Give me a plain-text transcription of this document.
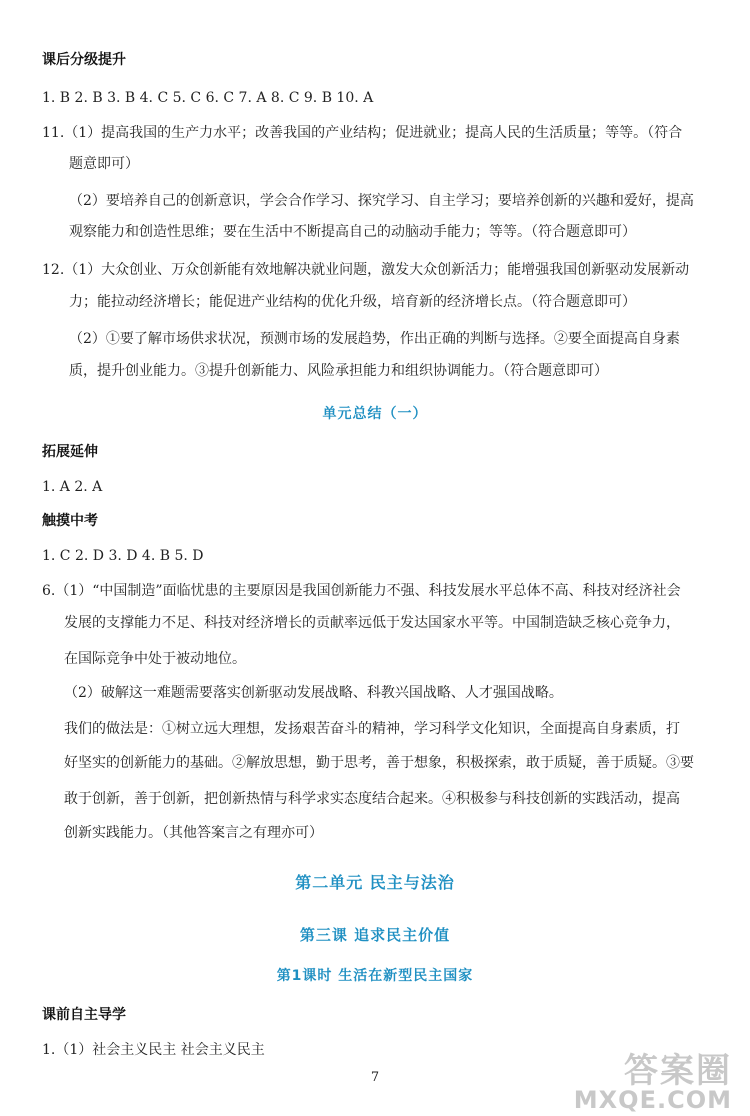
课后分级提升
1. B 2. B 3. B 4. C 5. C 6. C 7. A 8. C 9. B 10. A
11.（1）提高我国的生产力水平；改善我国的产业结构；促进就业；提高人民的生活质量；等等。（符合
题意即可）
（2）要培养自己的创新意识，学会合作学习、探究学习、自主学习；要培养创新的兴趣和爱好，提高
观察能力和创造性思维；要在生活中不断提高自己的动脑动手能力；等等。（符合题意即可）
12.（1）大众创业、万众创新能有效地解决就业问题，激发大众创新活力；能增强我国创新驱动发展新动
力；能拉动经济增长；能促进产业结构的优化升级，培育新的经济增长点。（符合题意即可）
（2）①要了解市场供求状况，预测市场的发展趋势，作出正确的判断与选择。②要全面提高自身素
质，提升创业能力。③提升创新能力、风险承担能力和组织协调能力。（符合题意即可）
单元总结（一）
拓展延伸
1. A 2. A
触摸中考
1. C 2. D 3. D 4. B 5. D
6.（1）“中国制造”面临忧患的主要原因是我国创新能力不强、科技发展水平总体不高、科技对经济社会
发展的支撑能力不足、科技对经济增长的贡献率远低于发达国家水平等。中国制造缺乏核心竞争力，
在国际竞争中处于被动地位。
（2）破解这一难题需要落实创新驱动发展战略、科教兴国战略、人才强国战略。
我们的做法是：①树立远大理想，发扬艰苦奋斗的精神，学习科学文化知识，全面提高自身素质，打
好坚实的创新能力的基础。②解放思想，勤于思考，善于想象，积极探索，敢于质疑，善于质疑。③要
敢于创新，善于创新，把创新热情与科学求实态度结合起来。④积极参与科技创新的实践活动，提高
创新实践能力。（其他答案言之有理亦可）
第二单元 民主与法治
第三课 追求民主价值
第1课时 生活在新型民主国家
课前自主导学
1.（1）社会主义民主 社会主义民主
7	答案圈
MXQE.COM
